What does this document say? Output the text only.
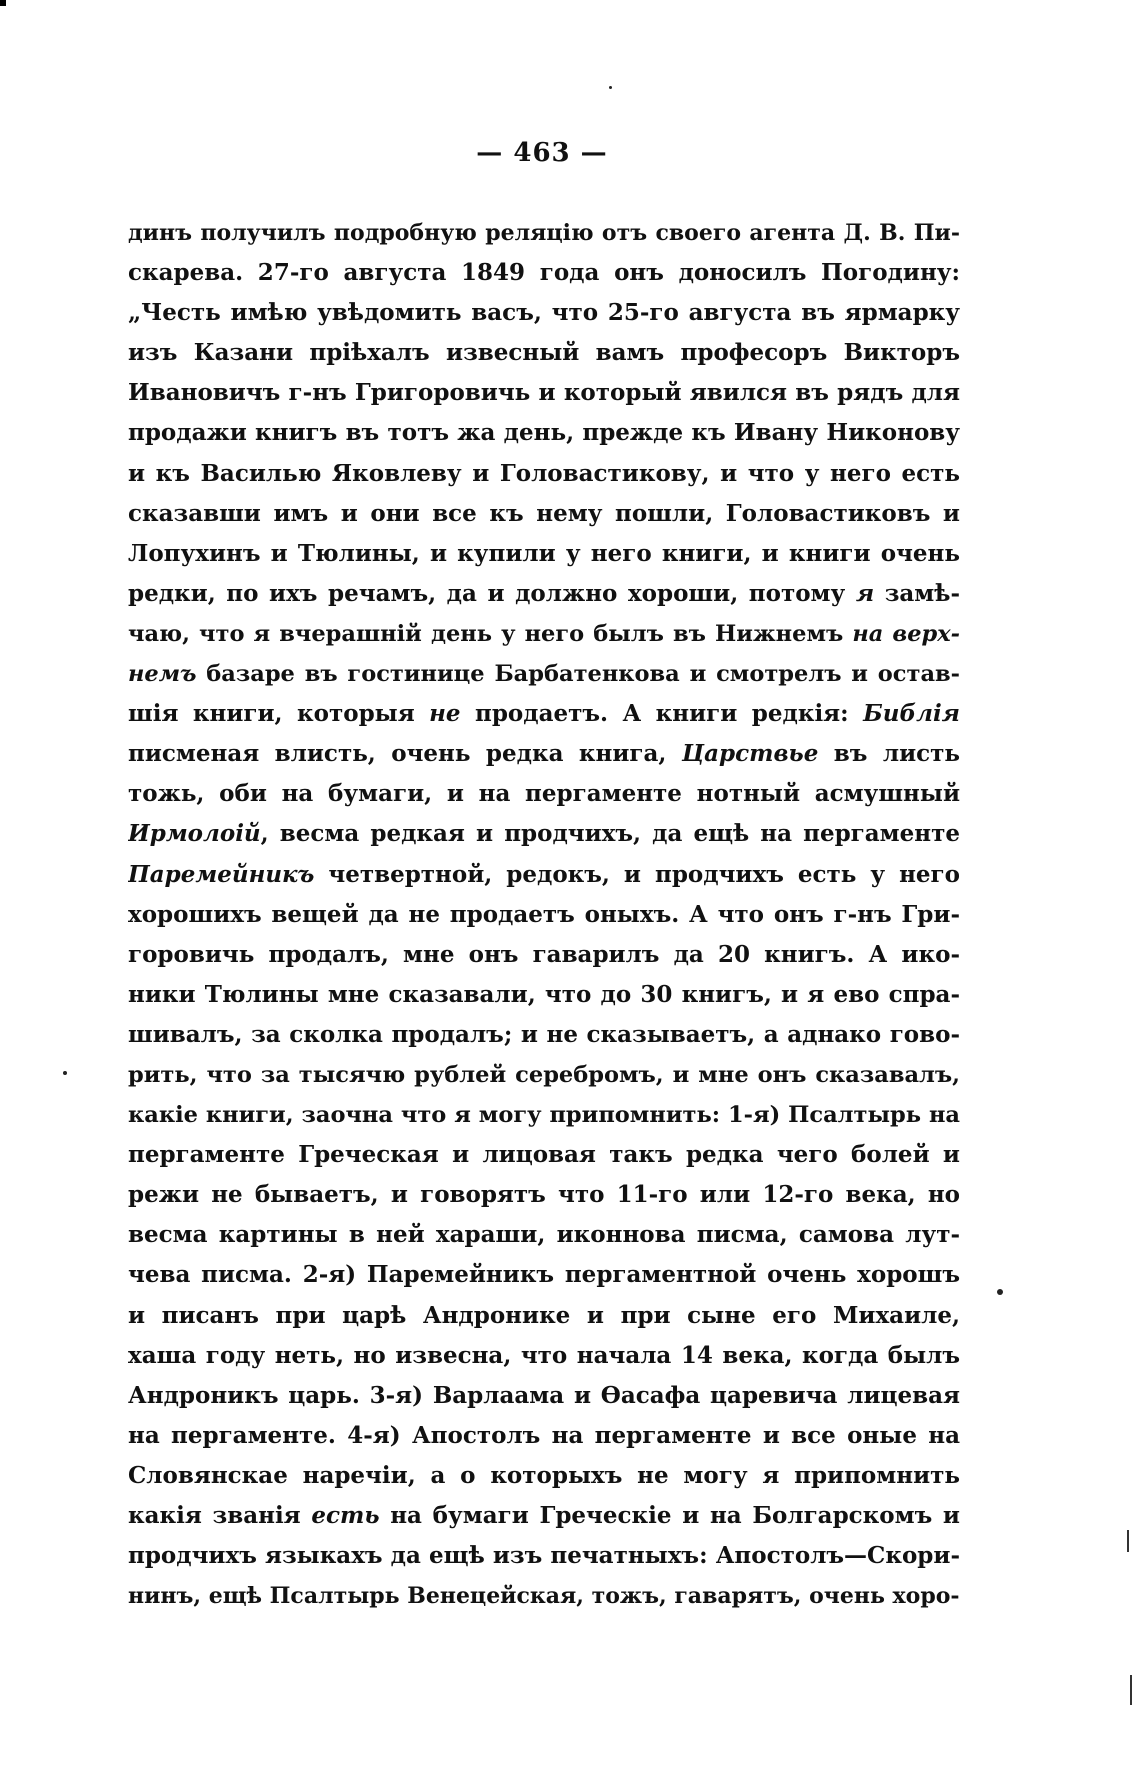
— 463 —
динъ получилъ подробную реляцію отъ своего агента Д. В. Пи-
скарева. 27-го августа 1849 года онъ доносилъ Погодину:
„Честь имѣю увѣдомить васъ, что 25-го августа въ ярмарку
изъ Казани пріѣхалъ извесный вамъ професоръ Викторъ
Ивановичъ г-нъ Григоровичь и который явился въ рядъ для
продажи книгъ въ тотъ жа день, прежде къ Ивану Никонову
и къ Василью Яковлеву и Головастикову, и что у него есть
сказавши имъ и они все къ нему пошли, Головастиковъ и
Лопухинъ и Тюлины, и купили у него книги, и книги очень
редки, по ихъ речамъ, да и должно хороши, потому я замѣ-
чаю, что я вчерашній день у него былъ въ Нижнемъ на верх-
немъ базаре въ гостинице Барбатенкова и смотрелъ и остав-
шія книги, которыя не продаетъ. А книги редкія: Библія
писменая влисть, очень редка книга, Царствье въ листь
тожь, оби на бумаги, и на пергаменте нотный асмушный
Ирмолоій, весма редкая и продчихъ, да ещѣ на пергаменте
Паремейникъ четвертной, редокъ, и продчихъ есть у него
хорошихъ вещей да не продаетъ оныхъ. А что онъ г-нъ Гри-
горовичь продалъ, мне онъ гаварилъ да 20 книгъ. А ико-
ники Тюлины мне сказавали, что до 30 книгъ, и я ево спра-
шивалъ, за сколка продалъ; и не сказываетъ, а аднако гово-
рить, что за тысячю рублей серебромъ, и мне онъ сказавалъ,
какіе книги, заочна что я могу припомнить: 1-я) Псалтырь на
пергаменте Греческая и лицовая такъ редка чего болей и
режи не бываетъ, и говорятъ что 11-го или 12-го века, но
весма картины в ней хараши, иконнова писма, самова лут-
чева писма. 2-я) Паремейникъ пергаментной очень хорошъ
и писанъ при царѣ Андронике и при сыне его Михаиле,
хаша году неть, но извесна, что начала 14 века, когда былъ
Андроникъ царь. 3-я) Варлаама и Ѳасафа царевича лицевая
на пергаменте. 4-я) Апостолъ на пергаменте и все оные на
Словянскае наречіи, а о которыхъ не могу я припомнить
какія званія есть на бумаги Греческіе и на Болгарскомъ и
продчихъ языкахъ да ещѣ изъ печатныхъ: Апостолъ—Скори-
нинъ, ещѣ Псалтырь Венецейская, тожъ, гаварятъ, очень хоро-
